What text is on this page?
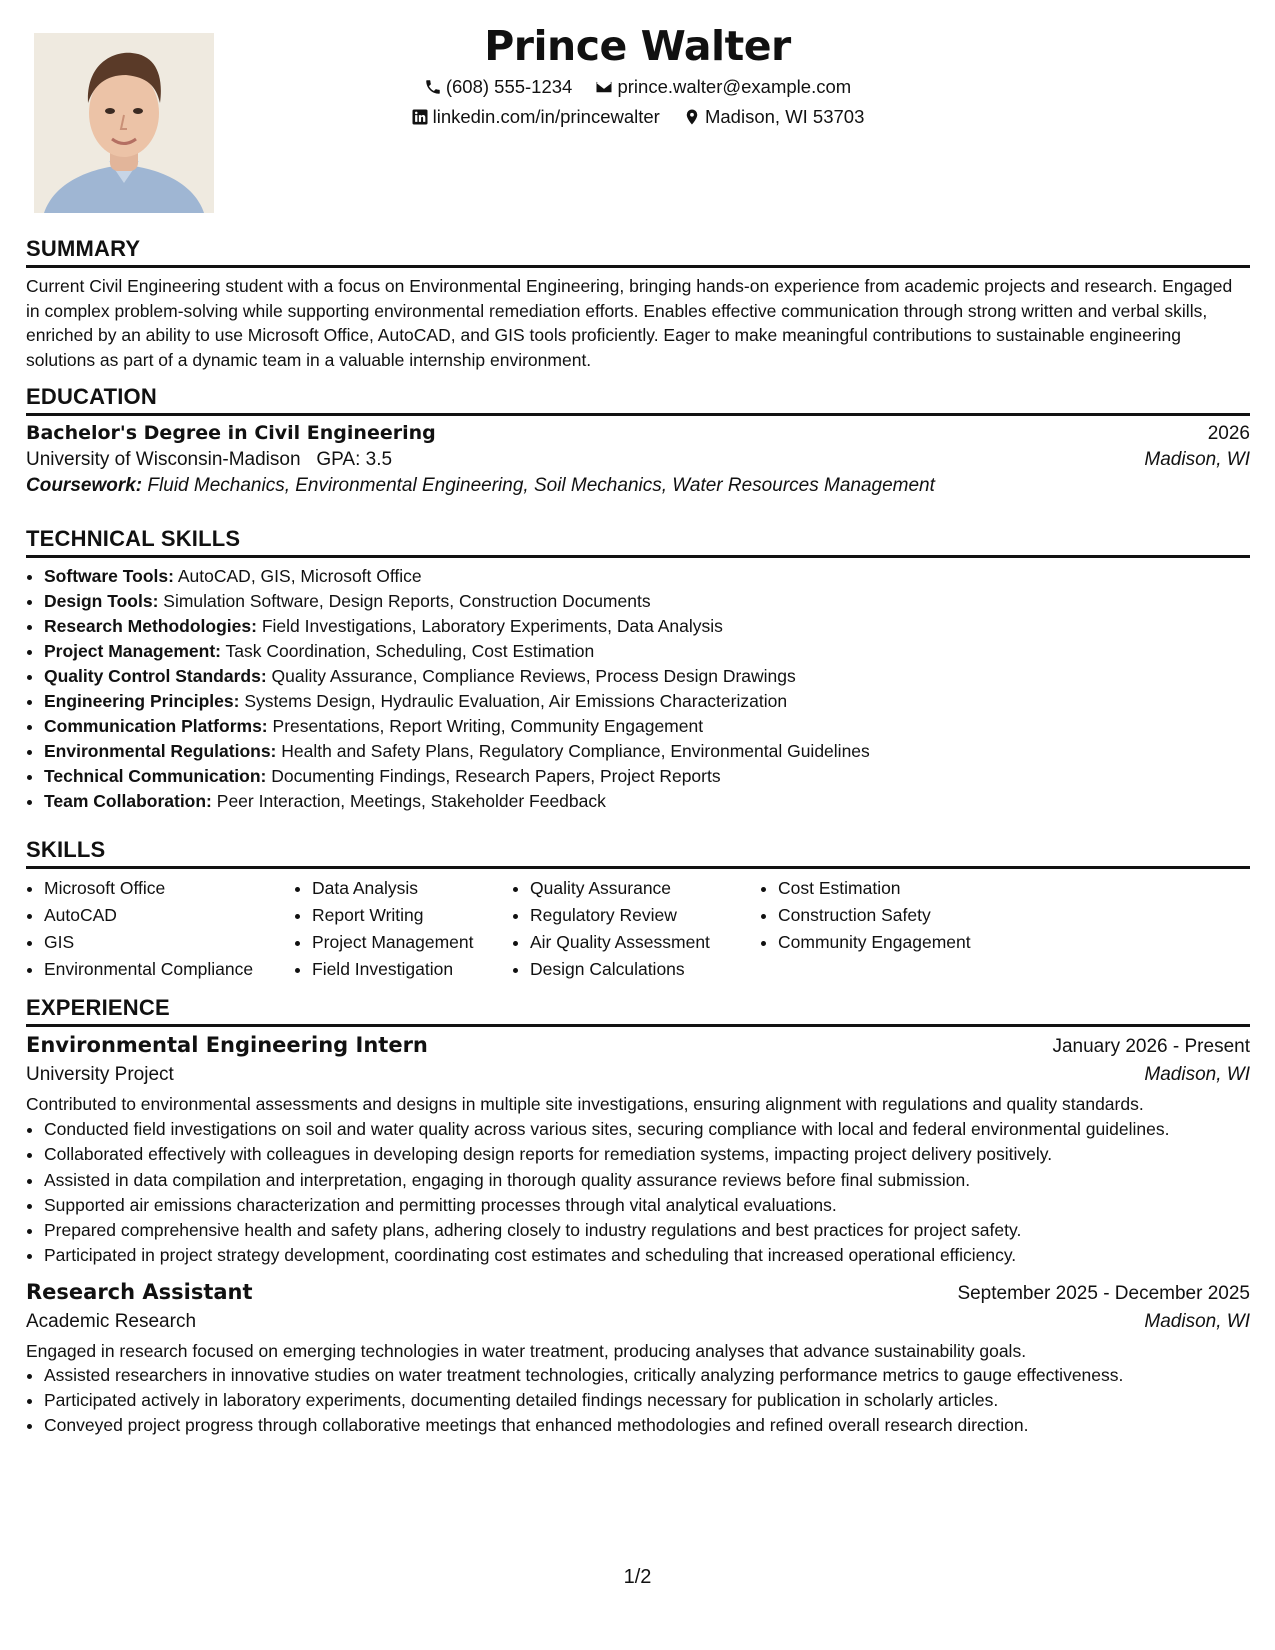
Prince Walter
(608) 555-1234
prince.walter@example.com
linkedin.com/in/princewalter
Madison, WI 53703
SUMMARY
Current Civil Engineering student with a focus on Environmental Engineering, bringing hands-on experience from academic projects and research. Engaged in complex problem-solving while supporting environmental remediation efforts. Enables effective communication through strong written and verbal skills, enriched by an ability to use Microsoft Office, AutoCAD, and GIS tools proficiently. Eager to make meaningful contributions to sustainable engineering solutions as part of a dynamic team in a valuable internship environment.
EDUCATION
Bachelor's Degree in Civil Engineering	2026
University of Wisconsin-Madison GPA: 3.5	Madison, WI
Coursework: Fluid Mechanics, Environmental Engineering, Soil Mechanics, Water Resources Management
TECHNICAL SKILLS
• Software Tools: AutoCAD, GIS, Microsoft Office
• Design Tools: Simulation Software, Design Reports, Construction Documents
• Research Methodologies: Field Investigations, Laboratory Experiments, Data Analysis
• Project Management: Task Coordination, Scheduling, Cost Estimation
• Quality Control Standards: Quality Assurance, Compliance Reviews, Process Design Drawings
• Engineering Principles: Systems Design, Hydraulic Evaluation, Air Emissions Characterization
• Communication Platforms: Presentations, Report Writing, Community Engagement
• Environmental Regulations: Health and Safety Plans, Regulatory Compliance, Environmental Guidelines
• Technical Communication: Documenting Findings, Research Papers, Project Reports
• Team Collaboration: Peer Interaction, Meetings, Stakeholder Feedback
SKILLS
• Microsoft Office
• AutoCAD
• GIS
• Environmental Compliance
• Data Analysis
• Report Writing
• Project Management
• Field Investigation
• Quality Assurance
• Regulatory Review
• Air Quality Assessment
• Design Calculations
• Cost Estimation
• Construction Safety
• Community Engagement
EXPERIENCE
Environmental Engineering Intern	January 2026 - Present
University Project	Madison, WI
Contributed to environmental assessments and designs in multiple site investigations, ensuring alignment with regulations and quality standards.
• Conducted field investigations on soil and water quality across various sites, securing compliance with local and federal environmental guidelines.
• Collaborated effectively with colleagues in developing design reports for remediation systems, impacting project delivery positively.
• Assisted in data compilation and interpretation, engaging in thorough quality assurance reviews before final submission.
• Supported air emissions characterization and permitting processes through vital analytical evaluations.
• Prepared comprehensive health and safety plans, adhering closely to industry regulations and best practices for project safety.
• Participated in project strategy development, coordinating cost estimates and scheduling that increased operational efficiency.
Research Assistant	September 2025 - December 2025
Academic Research	Madison, WI
Engaged in research focused on emerging technologies in water treatment, producing analyses that advance sustainability goals.
• Assisted researchers in innovative studies on water treatment technologies, critically analyzing performance metrics to gauge effectiveness.
• Participated actively in laboratory experiments, documenting detailed findings necessary for publication in scholarly articles.
• Conveyed project progress through collaborative meetings that enhanced methodologies and refined overall research direction.
1/2
